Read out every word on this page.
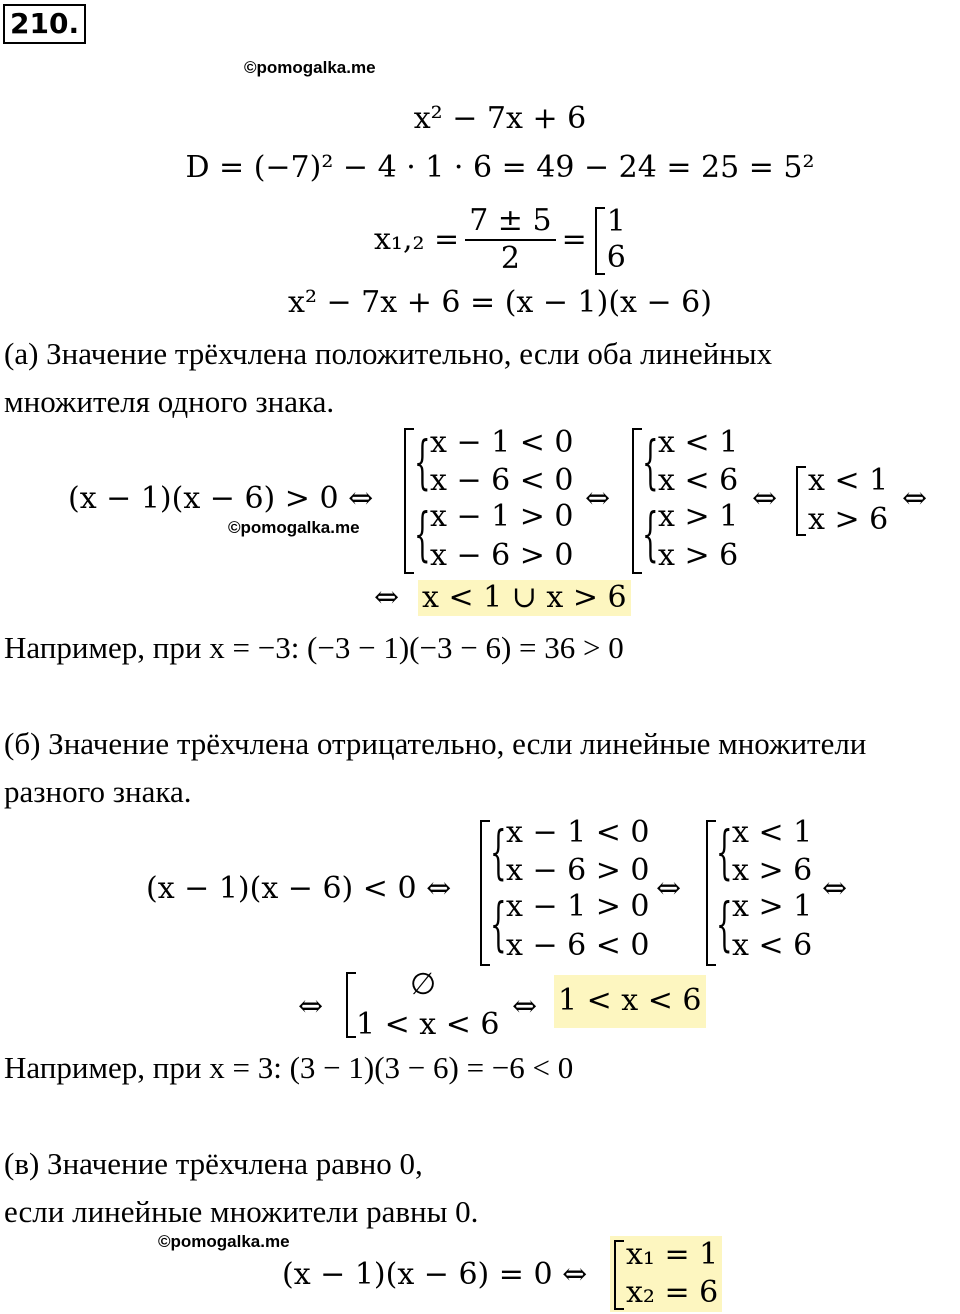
210.
©pomogalka.me
x² − 7x + 6
D = (−7)² − 4 · 1 · 6 = 49 − 24 = 25 = 5²
$x_1,_2 = \frac{7 \pm 5}{2}$ =
1
6
x² − 7x + 6 = (x − 1)(x − 6)
(а) Значение трёхчлена положительно, если оба линейных
множителя одного знака.
(x − 1)(x − 6) > 0 ⇔
©pomogalka.me
{ x − 1 < 0
x − 6 < 0
{ x − 1 > 0
x − 6 > 0
⇔
{ x < 1
x < 6
{ x > 1
x > 6
⇔
x < 1
x > 6
⇔
⇔ x < 1 ∪ x > 6
Например, при x = −3: (−3 − 1)(−3 − 6) = 36 > 0
(б) Значение трёхчлена отрицательно, если линейные множители
разного знака.
(x − 1)(x − 6) < 0 ⇔
{ x − 1 < 0
x − 6 > 0
{ x − 1 > 0
x − 6 < 0
⇔
{ x < 1
x > 6
{ x > 1
x < 6
⇔
⇔
∅
1 < x < 6
⇔ 1 < x < 6
Например, при x = 3: (3 − 1)(3 − 6) = −6 < 0
(в) Значение трёхчлена равно 0,
если линейные множители равны 0.
©pomogalka.me
(x − 1)(x − 6) = 0 ⇔
x₁ = 1
x₂ = 6
